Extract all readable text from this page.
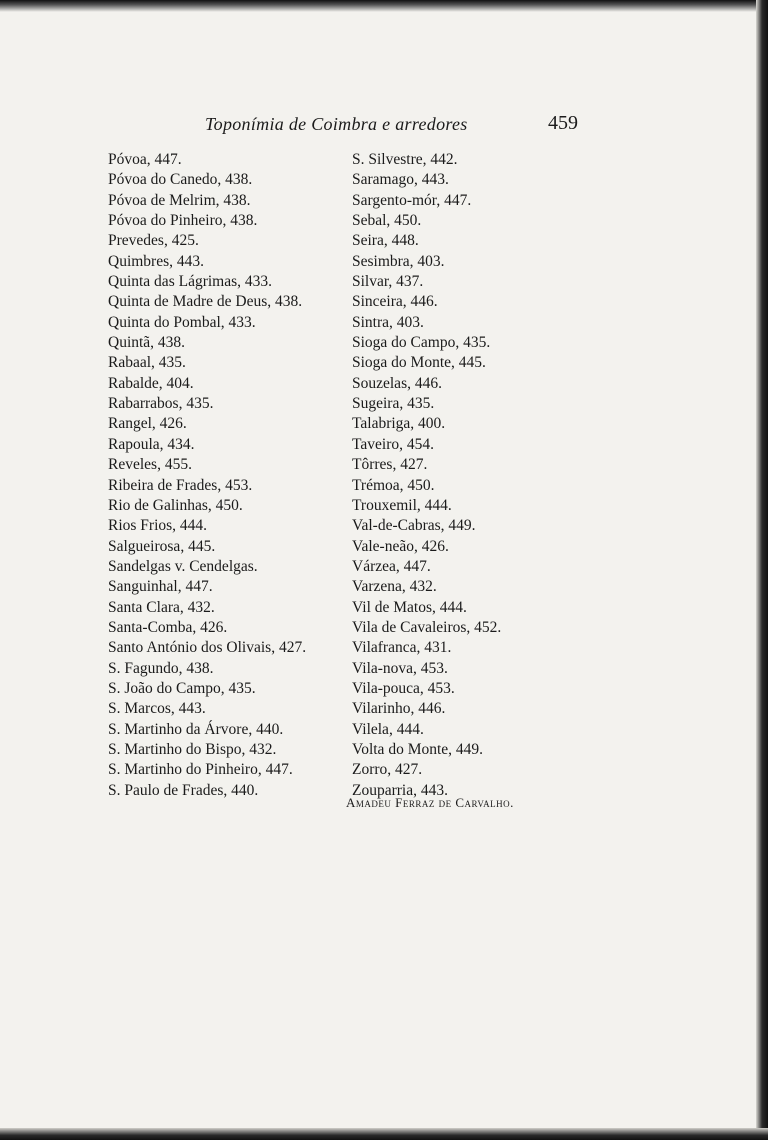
Toponímia de Coimbra e arredores	459
Póvoa, 447.
Póvoa do Canedo, 438.
Póvoa de Melrim, 438.
Póvoa do Pinheiro, 438.
Prevedes, 425.
Quimbres, 443.
Quinta das Lágrimas, 433.
Quinta de Madre de Deus, 438.
Quinta do Pombal, 433.
Quintã, 438.
Rabaal, 435.
Rabalde, 404.
Rabarrabos, 435.
Rangel, 426.
Rapoula, 434.
Reveles, 455.
Ribeira de Frades, 453.
Rio de Galinhas, 450.
Rios Frios, 444.
Salgueirosa, 445.
Sandelgas v. Cendelgas.
Sanguinhal, 447.
Santa Clara, 432.
Santa-Comba, 426.
Santo António dos Olivais, 427.
S. Fagundo, 438.
S. João do Campo, 435.
S. Marcos, 443.
S. Martinho da Árvore, 440.
S. Martinho do Bispo, 432.
S. Martinho do Pinheiro, 447.
S. Paulo de Frades, 440.
S. Silvestre, 442.
Saramago, 443.
Sargento-mór, 447.
Sebal, 450.
Seira, 448.
Sesimbra, 403.
Silvar, 437.
Sinceira, 446.
Sintra, 403.
Sioga do Campo, 435.
Sioga do Monte, 445.
Souzelas, 446.
Sugeira, 435.
Talabriga, 400.
Taveiro, 454.
Tôrres, 427.
Trémoa, 450.
Trouxemil, 444.
Val-de-Cabras, 449.
Vale-neão, 426.
Várzea, 447.
Varzena, 432.
Vil de Matos, 444.
Vila de Cavaleiros, 452.
Vilafranca, 431.
Vila-nova, 453.
Vila-pouca, 453.
Vilarinho, 446.
Vilela, 444.
Volta do Monte, 449.
Zorro, 427.
Zouparria, 443.
Amadeu Ferraz de Carvalho.
